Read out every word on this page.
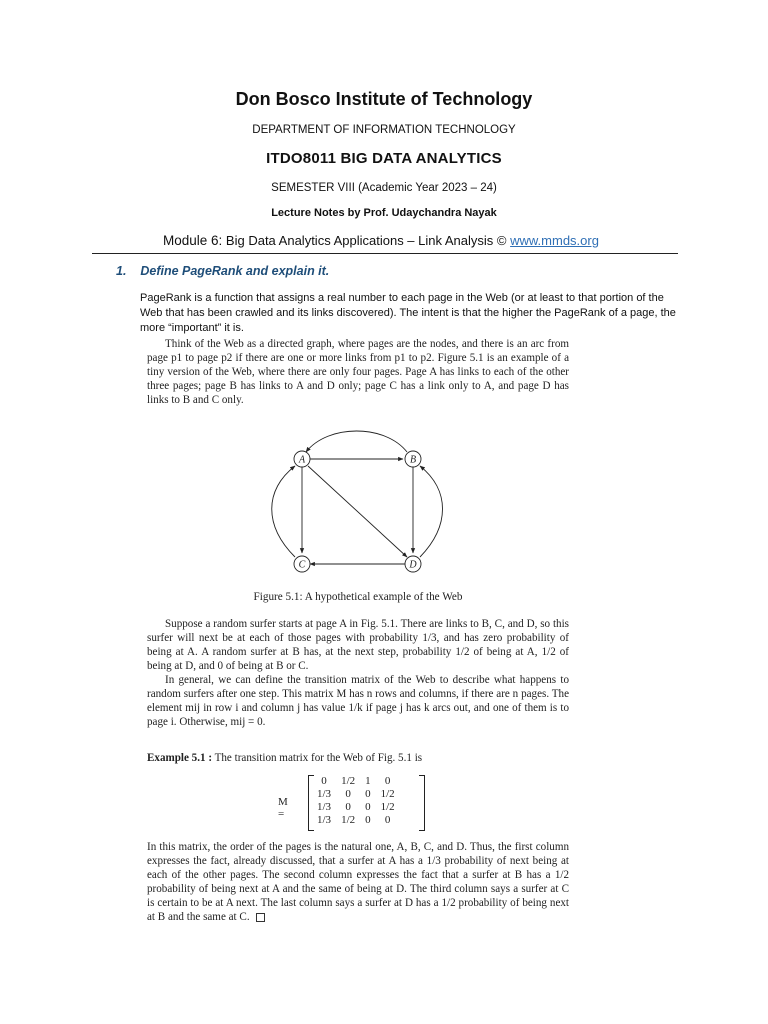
Don Bosco Institute of Technology
DEPARTMENT OF INFORMATION TECHNOLOGY
ITDO8011 BIG DATA ANALYTICS
SEMESTER VIII (Academic Year 2023 – 24)
Lecture Notes by Prof. Udaychandra Nayak
Module 6: Big Data Analytics Applications – Link Analysis © www.mmds.org
1. Define PageRank and explain it.
PageRank is a function that assigns a real number to each page in the Web (or at least to that portion of the Web that has been crawled and its links discovered). The intent is that the higher the PageRank of a page, the more “important” it is.

Think of the Web as a directed graph, where pages are the nodes, and there is an arc from page p1 to page p2 if there are one or more links from p1 to p2. Figure 5.1 is an example of a tiny version of the Web, where there are only four pages. Page A has links to each of the other three pages; page B has links to A and D only; page C has a link only to A, and page D has links to B and C only.

A	B
C	D
Figure 5.1: A hypothetical example of the Web

Suppose a random surfer starts at page A in Fig. 5.1. There are links to B, C, and D, so this surfer will next be at each of those pages with probability 1/3, and has zero probability of being at A. A random surfer at B has, at the next step, probability 1/2 of being at A, 1/2 of being at D, and 0 of being at B or C.

In general, we can define the transition matrix of the Web to describe what happens to random surfers after one step. This matrix M has n rows and columns, if there are n pages. The element mij in row i and column j has value 1/k if page j has k arcs out, and one of them is to page i. Otherwise, mij = 0.

Example 5.1 : The transition matrix for the Web of Fig. 5.1 is
M =
0	1/2	1	0
1/3	0	0	1/2
1/3	0	0	1/2
1/3	1/2	0	0
In this matrix, the order of the pages is the natural one, A, B, C, and D. Thus, the first column expresses the fact, already discussed, that a surfer at A has a 1/3 probability of next being at each of the other pages. The second column expresses the fact that a surfer at B has a 1/2 probability of being next at A and the same of being at D. The third column says a surfer at C is certain to be at A next. The last column says a surfer at D has a 1/2 probability of being next at B and the same at C.
